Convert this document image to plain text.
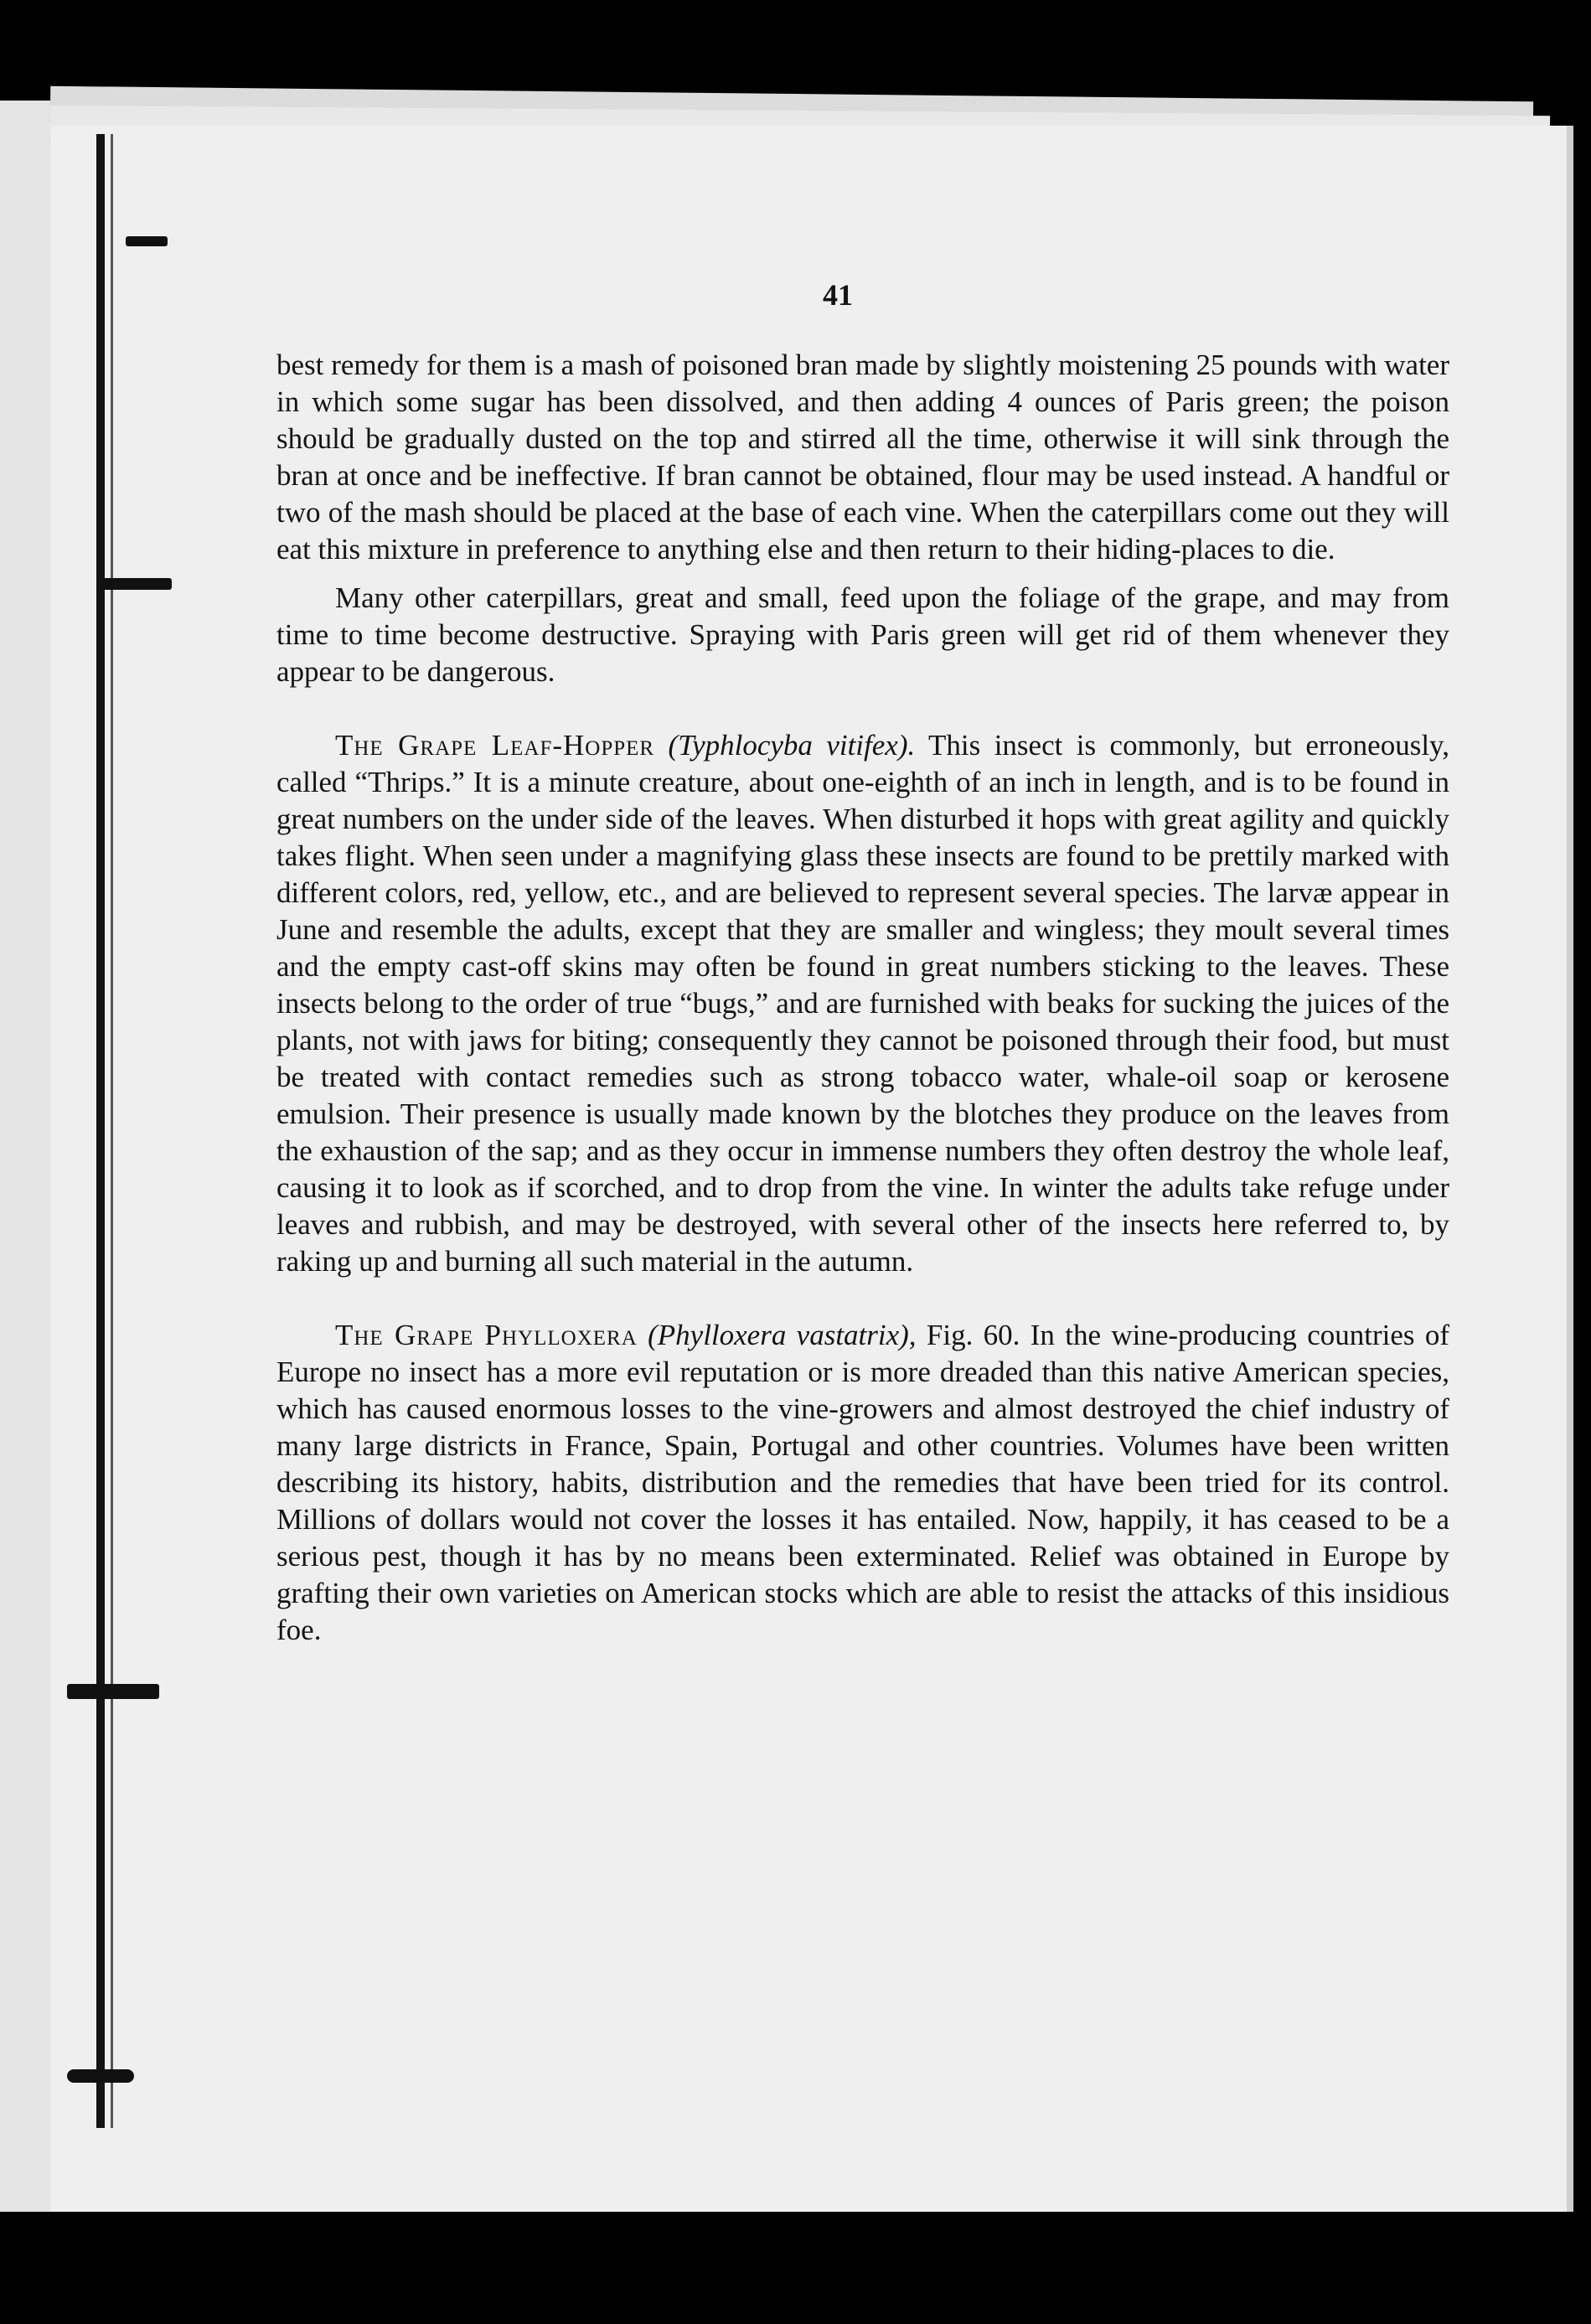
41

best remedy for them is a mash of poisoned bran made by slightly moistening 25 pounds with water in which some sugar has been dissolved, and then adding 4 ounces of Paris green; the poison should be gradually dusted on the top and stirred all the time, otherwise it will sink through the bran at once and be ineffective. If bran cannot be obtained, flour may be used instead. A handful or two of the mash should be placed at the base of each vine. When the caterpillars come out they will eat this mixture in preference to anything else and then return to their hiding-places to die.

Many other caterpillars, great and small, feed upon the foliage of the grape, and may from time to time become destructive. Spraying with Paris green will get rid of them whenever they appear to be dangerous.

The Grape Leaf-Hopper (Typhlocyba vitifex). This insect is commonly, but erroneously, called “Thrips.” It is a minute creature, about one-eighth of an inch in length, and is to be found in great numbers on the under side of the leaves. When disturbed it hops with great agility and quickly takes flight. When seen under a magnifying glass these insects are found to be prettily marked with different colors, red, yellow, etc., and are believed to represent several species. The larvæ appear in June and resemble the adults, except that they are smaller and wingless; they moult several times and the empty cast-off skins may often be found in great numbers sticking to the leaves. These insects belong to the order of true “bugs,” and are furnished with beaks for sucking the juices of the plants, not with jaws for biting; consequently they cannot be poisoned through their food, but must be treated with contact remedies such as strong tobacco water, whale-oil soap or kerosene emulsion. Their presence is usually made known by the blotches they produce on the leaves from the exhaustion of the sap; and as they occur in immense numbers they often destroy the whole leaf, causing it to look as if scorched, and to drop from the vine. In winter the adults take refuge under leaves and rubbish, and may be destroyed, with several other of the insects here referred to, by raking up and burning all such material in the autumn.

The Grape Phylloxera (Phylloxera vastatrix), Fig. 60. In the wine-producing countries of Europe no insect has a more evil reputation or is more dreaded than this native American species, which has caused enormous losses to the vine-growers and almost destroyed the chief industry of many large districts in France, Spain, Portugal and other countries. Volumes have been written describing its history, habits, distribution and the remedies that have been tried for its control. Millions of dollars would not cover the losses it has entailed. Now, happily, it has ceased to be a serious pest, though it has by no means been exterminated. Relief was obtained in Europe by grafting their own varieties on American stocks which are able to resist the attacks of this insidious foe.
